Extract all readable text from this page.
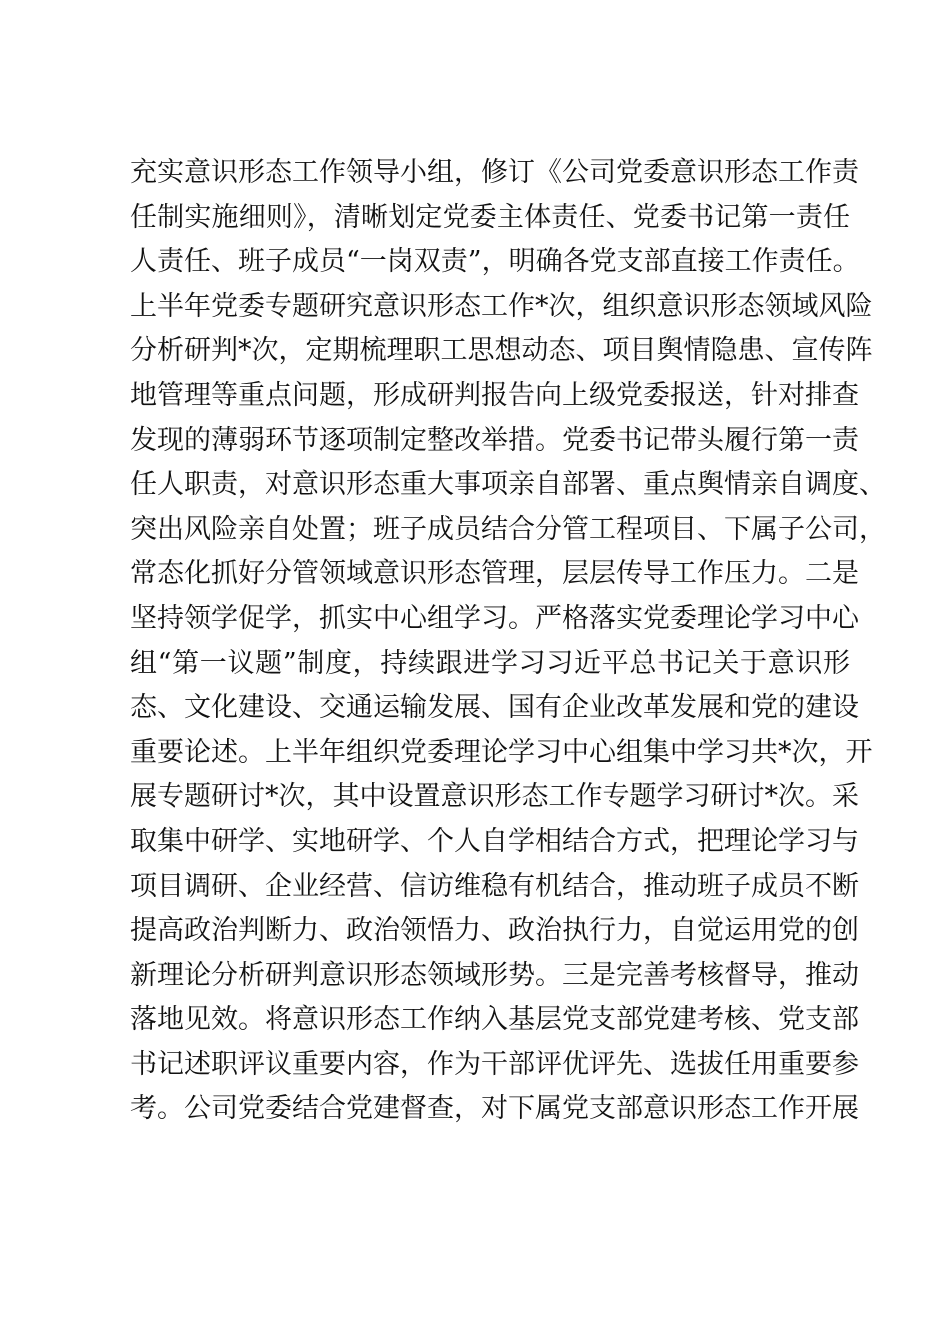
充实意识形态工作领导小组，修订《公司党委意识形态工作责
任制实施细则》，清晰划定党委主体责任、党委书记第一责任
人责任、班子成员“一岗双责”，明确各党支部直接工作责任。
上半年党委专题研究意识形态工作*次，组织意识形态领域风险
分析研判*次，定期梳理职工思想动态、项目舆情隐患、宣传阵
地管理等重点问题，形成研判报告向上级党委报送，针对排查
发现的薄弱环节逐项制定整改举措。党委书记带头履行第一责
任人职责，对意识形态重大事项亲自部署、重点舆情亲自调度、
突出风险亲自处置；班子成员结合分管工程项目、下属子公司，
常态化抓好分管领域意识形态管理，层层传导工作压力。二是
坚持领学促学，抓实中心组学习。严格落实党委理论学习中心
组“第一议题”制度，持续跟进学习习近平总书记关于意识形
态、文化建设、交通运输发展、国有企业改革发展和党的建设
重要论述。上半年组织党委理论学习中心组集中学习共*次，开
展专题研讨*次，其中设置意识形态工作专题学习研讨*次。采
取集中研学、实地研学、个人自学相结合方式，把理论学习与
项目调研、企业经营、信访维稳有机结合，推动班子成员不断
提高政治判断力、政治领悟力、政治执行力，自觉运用党的创
新理论分析研判意识形态领域形势。三是完善考核督导，推动
落地见效。将意识形态工作纳入基层党支部党建考核、党支部
书记述职评议重要内容，作为干部评优评先、选拔任用重要参
考。公司党委结合党建督查，对下属党支部意识形态工作开展
